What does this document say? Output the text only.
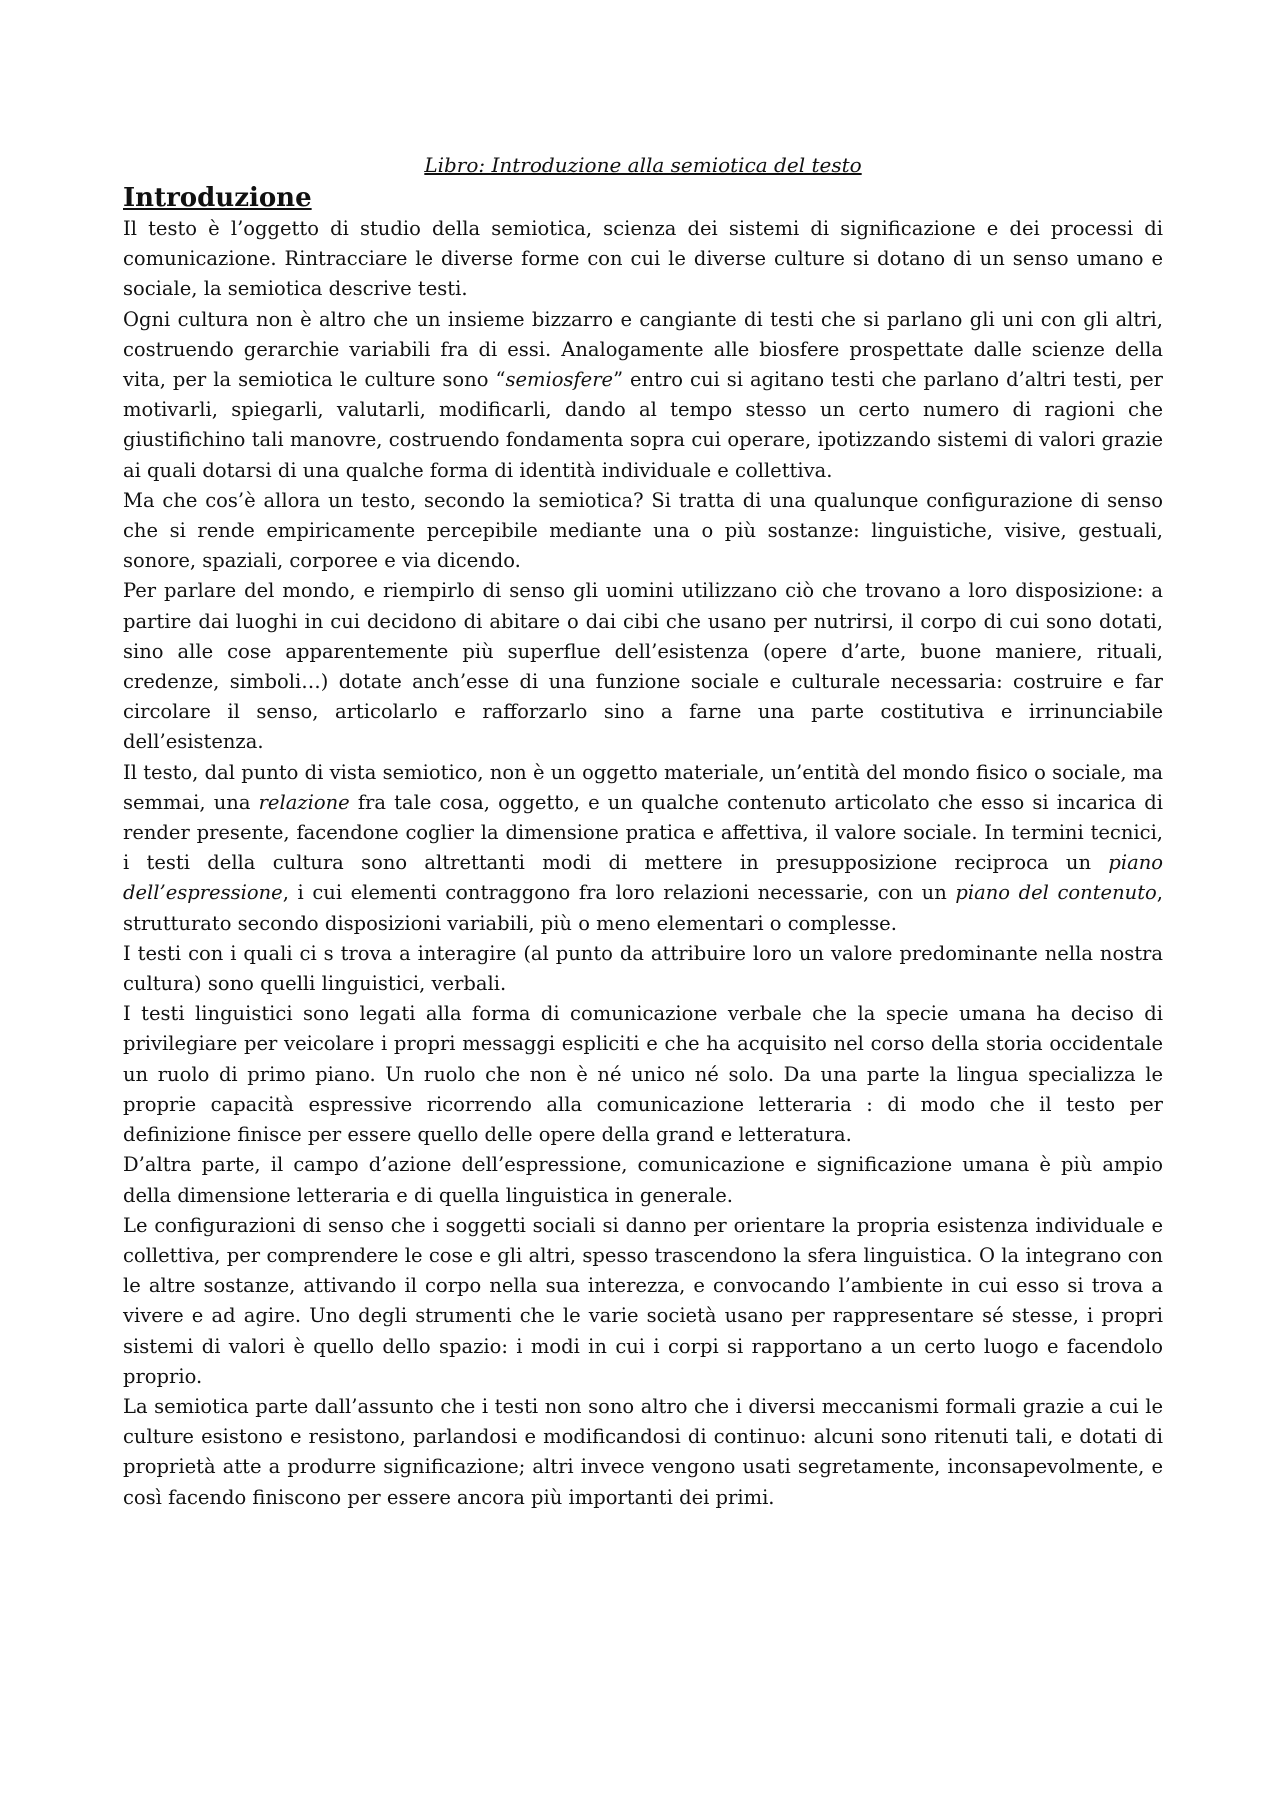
Libro: Introduzione alla semiotica del testo

Introduzione

Il testo è l’oggetto di studio della semiotica, scienza dei sistemi di significazione e dei processi di comunicazione. Rintracciare le diverse forme con cui le diverse culture si dotano di un senso umano e sociale, la semiotica descrive testi.

Ogni cultura non è altro che un insieme bizzarro e cangiante di testi che si parlano gli uni con gli altri, costruendo gerarchie variabili fra di essi. Analogamente alle biosfere prospettate dalle scienze della vita, per la semiotica le culture sono “semiosfere” entro cui si agitano testi che parlano d’altri testi, per motivarli, spiegarli, valutarli, modificarli, dando al tempo stesso un certo numero di ragioni che giustifichino tali manovre, costruendo fondamenta sopra cui operare, ipotizzando sistemi di valori grazie ai quali dotarsi di una qualche forma di identità individuale e collettiva.

Ma che cos’è allora un testo, secondo la semiotica? Si tratta di una qualunque configurazione di senso che si rende empiricamente percepibile mediante una o più sostanze: linguistiche, visive, gestuali, sonore, spaziali, corporee e via dicendo.

Per parlare del mondo, e riempirlo di senso gli uomini utilizzano ciò che trovano a loro disposizione: a partire dai luoghi in cui decidono di abitare o dai cibi che usano per nutrirsi, il corpo di cui sono dotati, sino alle cose apparentemente più superflue dell’esistenza (opere d’arte, buone maniere, rituali, credenze, simboli…) dotate anch’esse di una funzione sociale e culturale necessaria: costruire e far circolare il senso, articolarlo e rafforzarlo sino a farne una parte costitutiva e irrinunciabile dell’esistenza.

Il testo, dal punto di vista semiotico, non è un oggetto materiale, un’entità del mondo fisico o sociale, ma semmai, una relazione fra tale cosa, oggetto, e un qualche contenuto articolato che esso si incarica di render presente, facendone coglier la dimensione pratica e affettiva, il valore sociale. In termini tecnici, i testi della cultura sono altrettanti modi di mettere in presupposizione reciproca un piano dell’espressione, i cui elementi contraggono fra loro relazioni necessarie, con un piano del contenuto, strutturato secondo disposizioni variabili, più o meno elementari o complesse.

I testi con i quali ci s trova a interagire (al punto da attribuire loro un valore predominante nella nostra cultura) sono quelli linguistici, verbali.

I testi linguistici sono legati alla forma di comunicazione verbale che la specie umana ha deciso di privilegiare per veicolare i propri messaggi espliciti e che ha acquisito nel corso della storia occidentale un ruolo di primo piano. Un ruolo che non è né unico né solo. Da una parte la lingua specializza le proprie capacità espressive ricorrendo alla comunicazione letteraria : di modo che il testo per definizione finisce per essere quello delle opere della grand e letteratura.

D’altra parte, il campo d’azione dell’espressione, comunicazione e significazione umana è più ampio della dimensione letteraria e di quella linguistica in generale.

Le configurazioni di senso che i soggetti sociali si danno per orientare la propria esistenza individuale e collettiva, per comprendere le cose e gli altri, spesso trascendono la sfera linguistica. O la integrano con le altre sostanze, attivando il corpo nella sua interezza, e convocando l’ambiente in cui esso si trova a vivere e ad agire. Uno degli strumenti che le varie società usano per rappresentare sé stesse, i propri sistemi di valori è quello dello spazio: i modi in cui i corpi si rapportano a un certo luogo e facendolo proprio.

La semiotica parte dall’assunto che i testi non sono altro che i diversi meccanismi formali grazie a cui le culture esistono e resistono, parlandosi e modificandosi di continuo: alcuni sono ritenuti tali, e dotati di proprietà atte a produrre significazione; altri invece vengono usati segretamente, inconsapevolmente, e così facendo finiscono per essere ancora più importanti dei primi.
